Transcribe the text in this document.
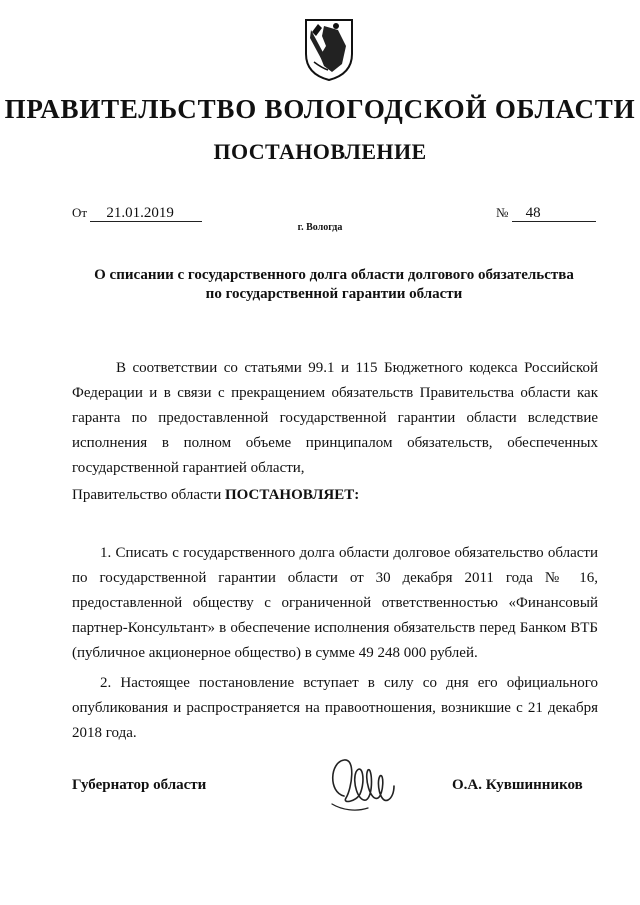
ПРАВИТЕЛЬСТВО ВОЛОГОДСКОЙ ОБЛАСТИ
ПОСТАНОВЛЕНИЕ
От 21.01.2019	№ 48
г. Вологда
О списании с государственного долга области долгового обязательства
по государственной гарантии области
В соответствии со статьями 99.1 и 115 Бюджетного кодекса Российской Федерации и в связи с прекращением обязательств Правительства области как гаранта по предоставленной государственной гарантии области вследствие исполнения в полном объеме принципалом обязательств, обеспеченных государственной гарантией области,
Правительство области ПОСТАНОВЛЯЕТ:
1. Списать с государственного долга области долговое обязательство области по государственной гарантии области от 30 декабря 2011 года № 16, предоставленной обществу с ограниченной ответственностью «Финансовый партнер-Консультант» в обеспечение исполнения обязательств перед Банком ВТБ (публичное акционерное общество) в сумме 49 248 000 рублей.
2. Настоящее постановление вступает в силу со дня его официального опубликования и распространяется на правоотношения, возникшие с 21 декабря 2018 года.
Губернатор области	О.А. Кувшинников
